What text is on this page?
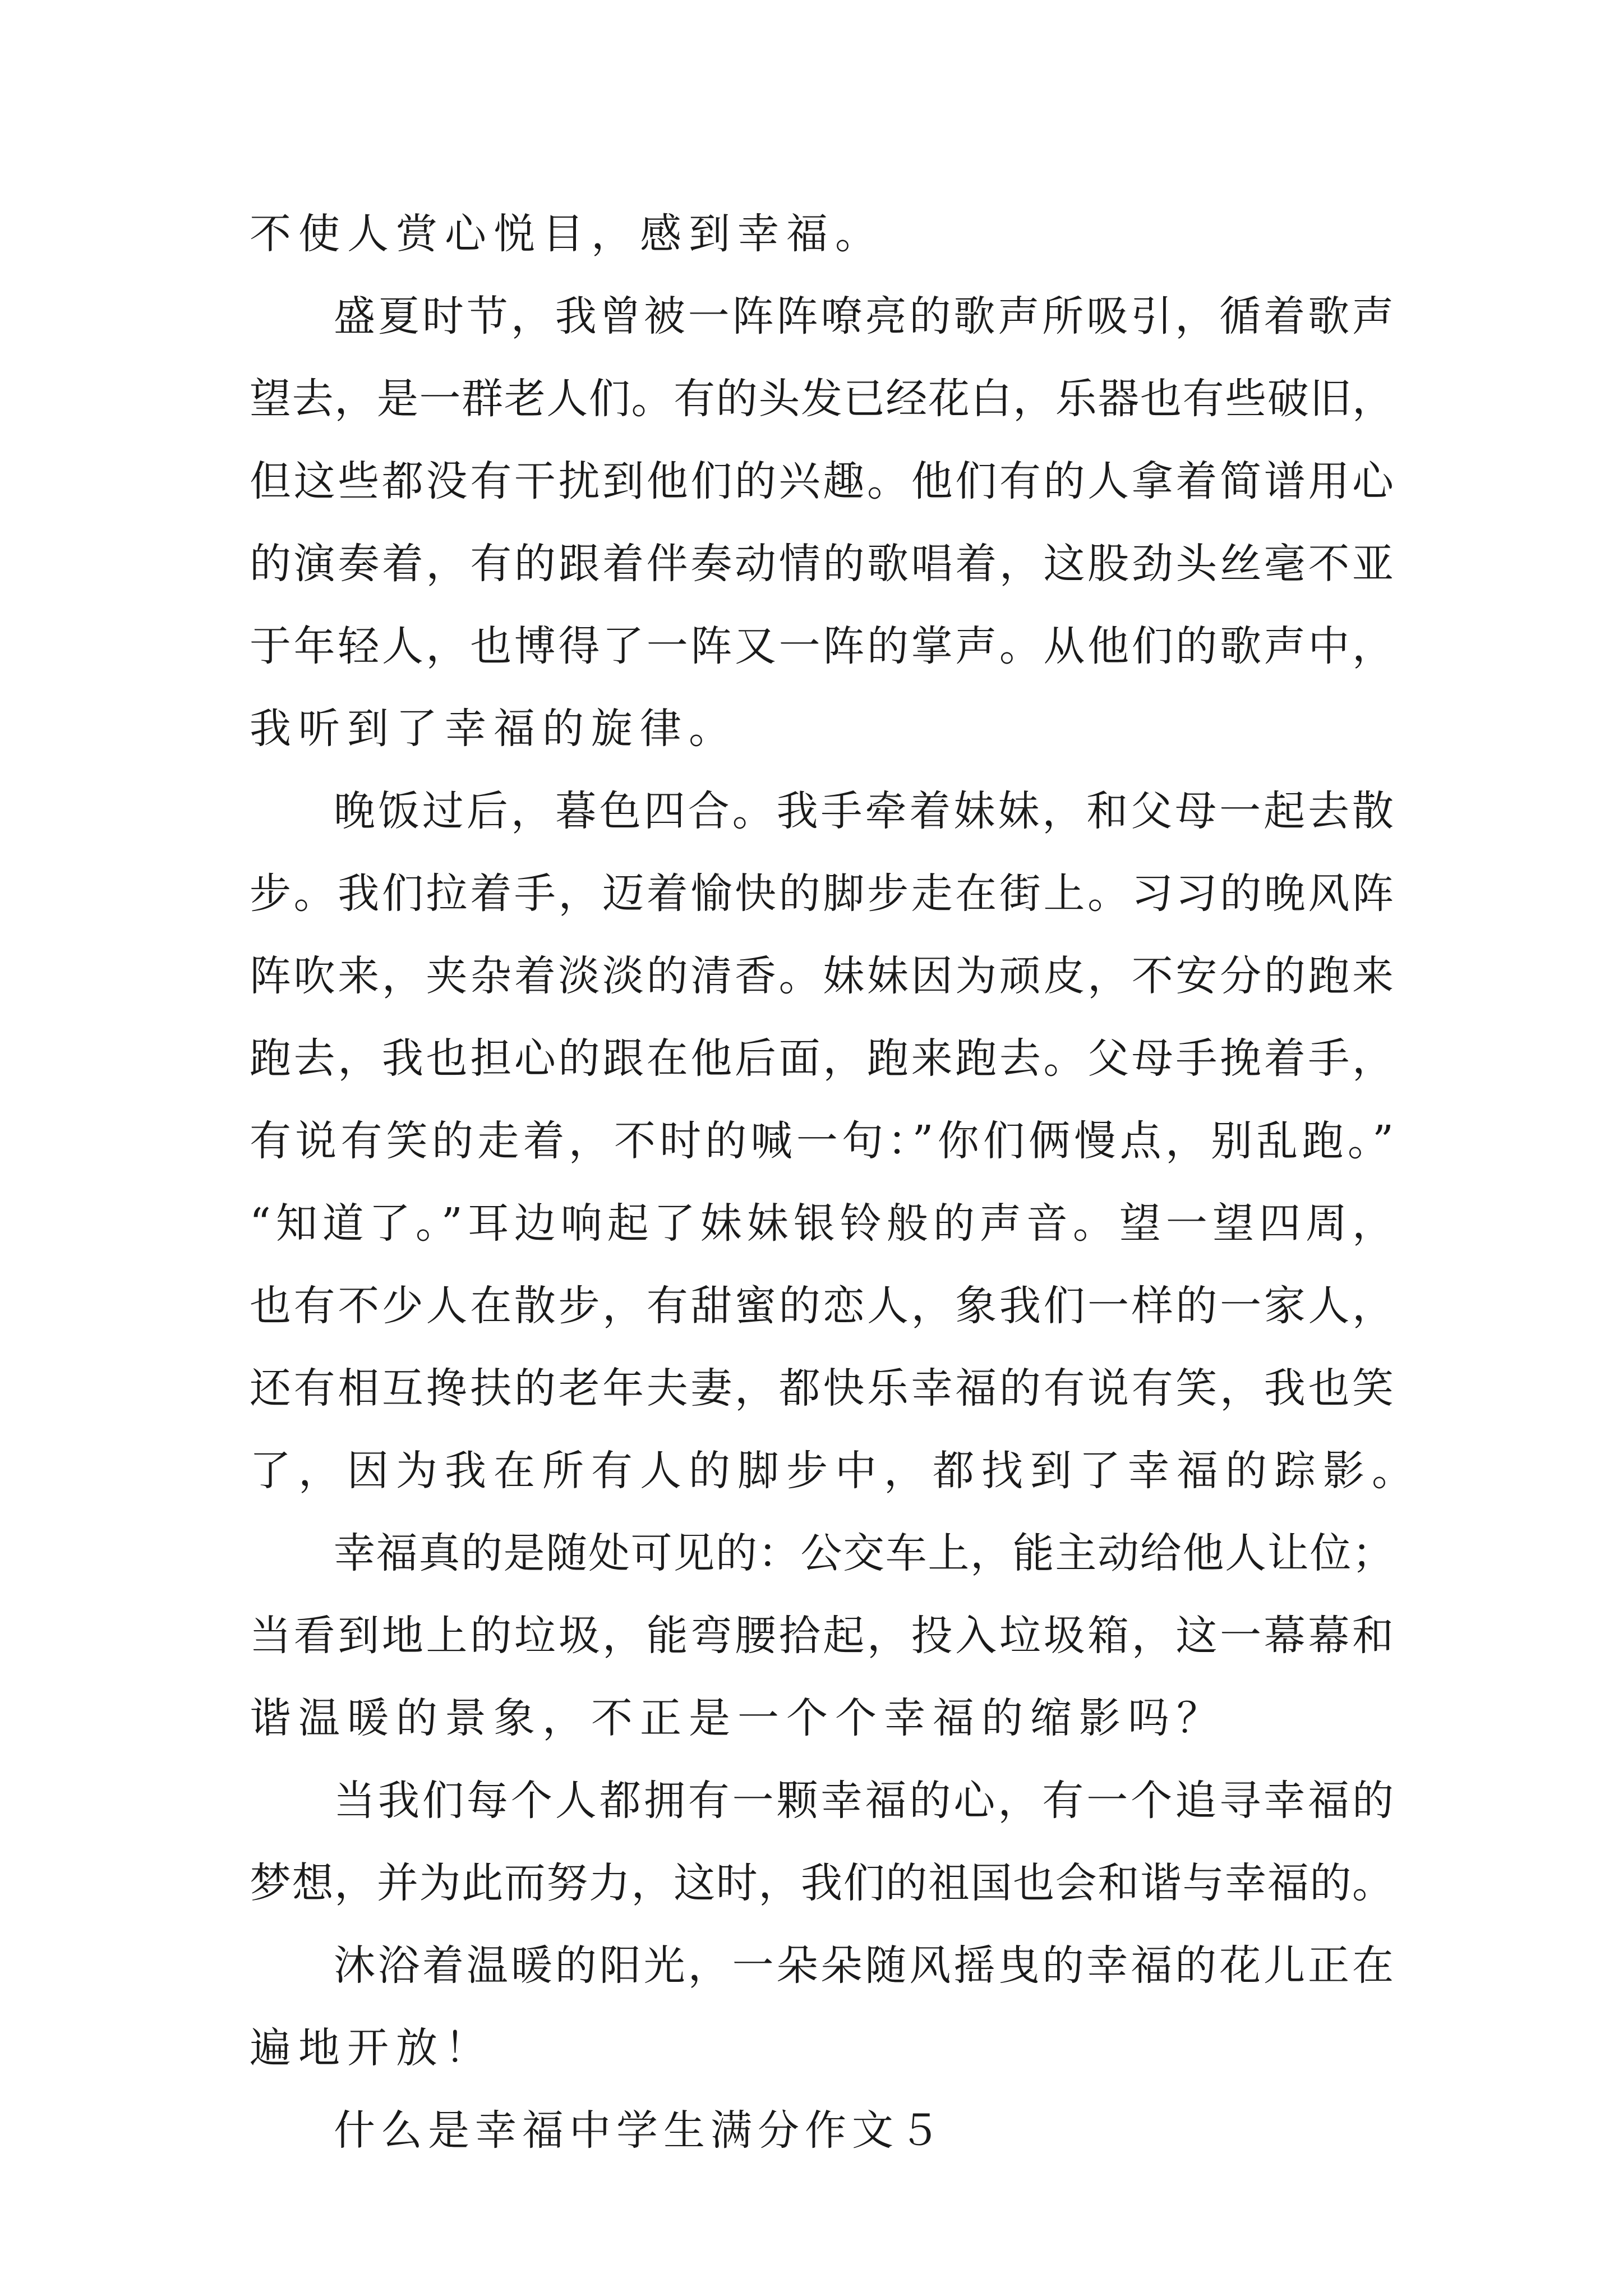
不使人赏心悦目，感到幸福。
盛夏时节，我曾被一阵阵嘹亮的歌声所吸引，循着歌声
望去，是一群老人们。有的头发已经花白，乐器也有些破旧，
但这些都没有干扰到他们的兴趣。他们有的人拿着简谱用心
的演奏着，有的跟着伴奏动情的歌唱着，这股劲头丝毫不亚
于年轻人，也博得了一阵又一阵的掌声。从他们的歌声中，
我听到了幸福的旋律。
晚饭过后，暮色四合。我手牵着妹妹，和父母一起去散
步。我们拉着手，迈着愉快的脚步走在街上。习习的晚风阵
阵吹来，夹杂着淡淡的清香。妹妹因为顽皮，不安分的跑来
跑去，我也担心的跟在他后面，跑来跑去。父母手挽着手，
有说有笑的走着，不时的喊一句：”你们俩慢点，别乱跑。”
“知道了。”耳边响起了妹妹银铃般的声音。望一望四周，
也有不少人在散步，有甜蜜的恋人，象我们一样的一家人，
还有相互搀扶的老年夫妻，都快乐幸福的有说有笑，我也笑
了，因为我在所有人的脚步中，都找到了幸福的踪影。
幸福真的是随处可见的：公交车上，能主动给他人让位；
当看到地上的垃圾，能弯腰拾起，投入垃圾箱，这一幕幕和
谐温暖的景象，不正是一个个幸福的缩影吗？
当我们每个人都拥有一颗幸福的心，有一个追寻幸福的
梦想，并为此而努力，这时，我们的祖国也会和谐与幸福的。
沐浴着温暖的阳光，一朵朵随风摇曳的幸福的花儿正在
遍地开放！
什么是幸福中学生满分作文５
